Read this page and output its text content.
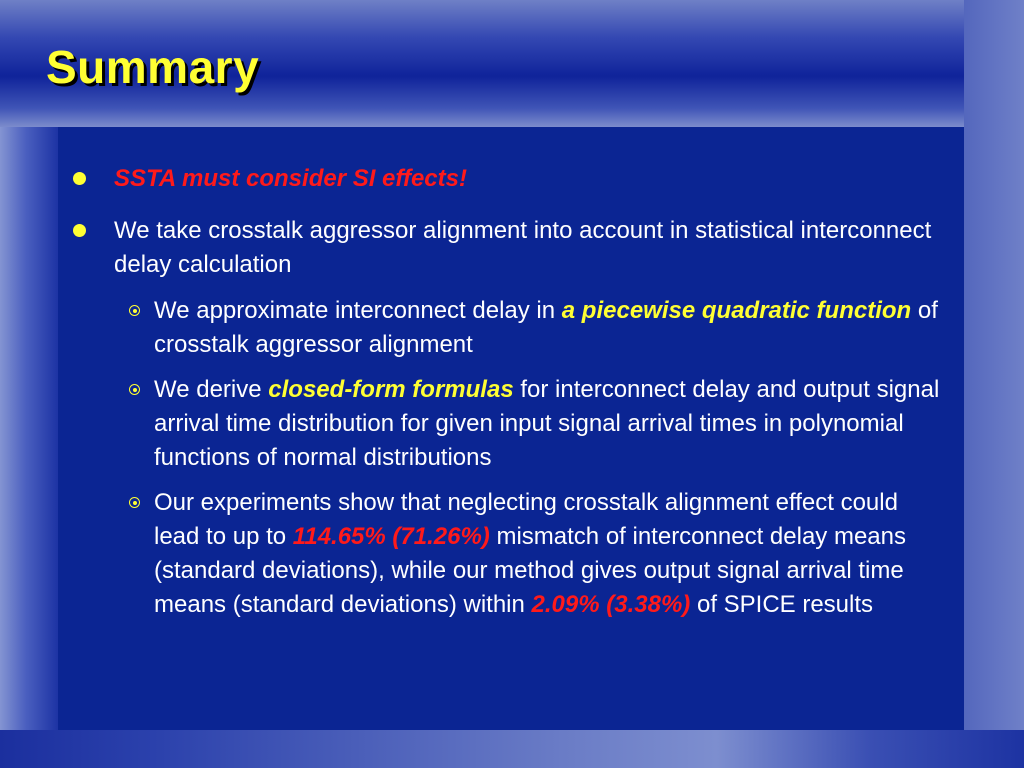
Summary
SSTA must consider SI effects!
We take crosstalk aggressor alignment into account in statistical interconnect delay calculation
We approximate interconnect delay in a piecewise quadratic function of crosstalk aggressor alignment
We derive closed-form formulas for interconnect delay and output signal arrival time distribution for given input signal arrival times in polynomial functions of normal distributions
Our experiments show that neglecting crosstalk alignment effect could lead to up to 114.65% (71.26%) mismatch of interconnect delay means (standard deviations), while our method gives output signal arrival time means (standard deviations) within 2.09% (3.38%) of SPICE results
